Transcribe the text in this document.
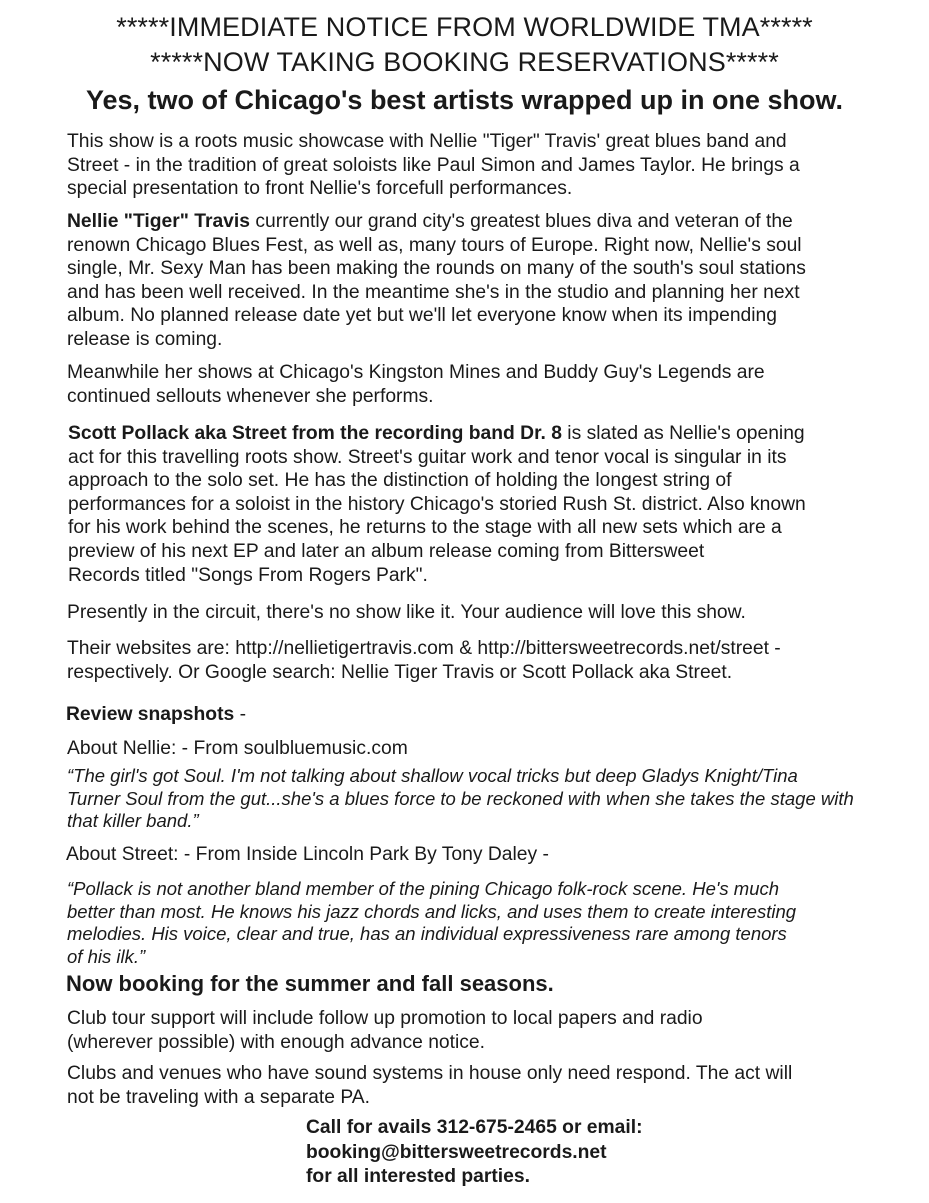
*****IMMEDIATE NOTICE FROM WORLDWIDE TMA*****
*****NOW TAKING BOOKING RESERVATIONS*****
Yes, two of Chicago's best artists wrapped up in one show.
This show is a roots music showcase with Nellie "Tiger" Travis' great blues band and
Street - in the tradition of great soloists like Paul Simon and James Taylor. He brings a
special presentation to front Nellie's forcefull performances.
Nellie "Tiger" Travis currently our grand city's greatest blues diva and veteran of the
renown Chicago Blues Fest, as well as, many tours of Europe. Right now, Nellie's soul
single, Mr. Sexy Man has been making the rounds on many of the south's soul stations
and has been well received. In the meantime she's in the studio and planning her next
album. No planned release date yet but we'll let everyone know when its impending
release is coming.
Meanwhile her shows at Chicago's Kingston Mines and Buddy Guy's Legends are
continued sellouts whenever she performs.
Scott Pollack aka Street from the recording band Dr. 8 is slated as Nellie's opening
act for this travelling roots show. Street's guitar work and tenor vocal is singular in its
approach to the solo set. He has the distinction of holding the longest string of
performances for a soloist in the history Chicago's storied Rush St. district. Also known
for his work behind the scenes, he returns to the stage with all new sets which are a
preview of his next EP and later an album release coming from Bittersweet
Records titled "Songs From Rogers Park".
Presently in the circuit, there's no show like it. Your audience will love this show.
Their websites are: http://nellietigertravis.com & http://bittersweetrecords.net/street -
respectively. Or Google search: Nellie Tiger Travis or Scott Pollack aka Street.
Review snapshots -
About Nellie: - From soulbluemusic.com
“The girl's got Soul. I'm not talking about shallow vocal tricks but deep Gladys Knight/Tina
Turner Soul from the gut...she's a blues force to be reckoned with when she takes the stage with
that killer band.”
About Street: - From Inside Lincoln Park By Tony Daley -
“Pollack is not another bland member of the pining Chicago folk-rock scene. He's much
better than most. He knows his jazz chords and licks, and uses them to create interesting
melodies. His voice, clear and true, has an individual expressiveness rare among tenors
of his ilk.”
Now booking for the summer and fall seasons.
Club tour support will include follow up promotion to local papers and radio
(wherever possible) with enough advance notice.
Clubs and venues who have sound systems in house only need respond. The act will
not be traveling with a separate PA.
Call for avails 312-675-2465 or email:
booking@bittersweetrecords.net
for all interested parties.
